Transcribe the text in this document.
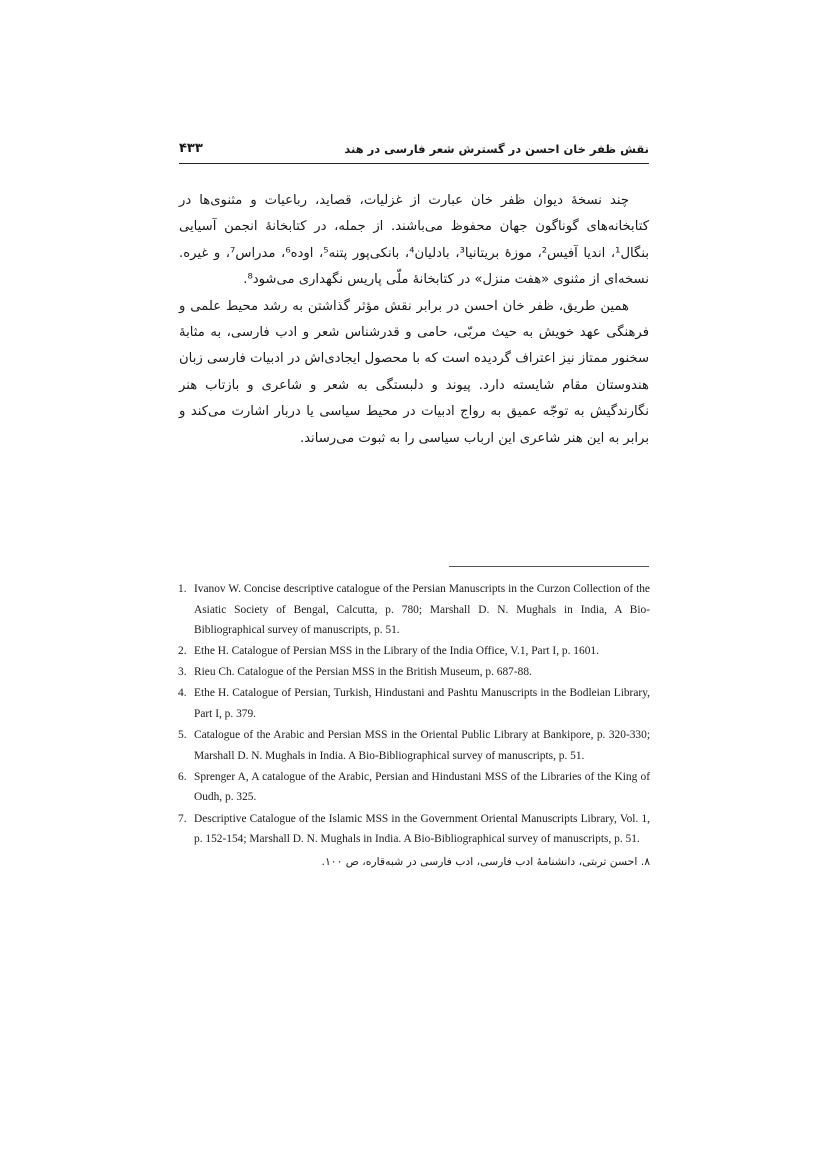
۴۳۳	نقش ظفر خان احسن در گسترش شعر فارسی در هند

چند نسخهٔ دیوان ظفر خان عبارت از غزلیات، قصاید، رباعیات و مثنوی‌ها در کتابخانه‌های گوناگون جهان محفوظ می‌باشند. از جمله، در کتابخانهٔ انجمن آسیایی بنگال¹، اندیا آفیس²، موزهٔ بریتانیا³، بادلیان⁴، بانکی‌پور پتنه⁵، اوده⁶، مدراس⁷، و غیره. نسخه‌ای از مثنوی «هفت منزل» در کتابخانهٔ ملّی پاریس نگهداری می‌شود⁸.

همین طریق، ظفر خان احسن در برابر نقش مؤثر گذاشتن به رشد محیط علمی و فرهنگی عهد خویش به حیث مربّی، حامی و قدرشناس شعر و ادب فارسی، به مثابهٔ سخنور ممتاز نیز اعتراف گردیده است که با محصول ایجادی‌اش در ادبیات فارسی زبان هندوستان مقام شایسته دارد. پیوند و دلبستگی به شعر و شاعری و بازتاب هنر نگارندگیش به توجّه عمیق به رواج ادبیات در محیط سیاسی یا دربار اشارت می‌کند و برابر به این هنر شاعری این ارباب سیاسی را به ثبوت می‌رساند.

1. Ivanov W. Concise descriptive catalogue of the Persian Manuscripts in the Curzon Collection of the Asiatic Society of Bengal, Calcutta, p. 780; Marshall D. N. Mughals in India, A Bio-Bibliographical survey of manuscripts, p. 51.
2. Ethe H. Catalogue of Persian MSS in the Library of the India Office, V.1, Part I, p. 1601.
3. Rieu Ch. Catalogue of the Persian MSS in the British Museum, p. 687-88.
4. Ethe H. Catalogue of Persian, Turkish, Hindustani and Pashtu Manuscripts in the Bodleian Library, Part I, p. 379.
5. Catalogue of the Arabic and Persian MSS in the Oriental Public Library at Bankipore, p. 320-330; Marshall D. N. Mughals in India. A Bio-Bibliographical survey of manuscripts, p. 51.
6. Sprenger A, A catalogue of the Arabic, Persian and Hindustani MSS of the Libraries of the King of Oudh, p. 325.
7. Descriptive Catalogue of the Islamic MSS in the Government Oriental Manuscripts Library, Vol. 1, p. 152-154; Marshall D. N. Mughals in India. A Bio-Bibliographical survey of manuscripts, p. 51.

۸. احسن تربتی، دانشنامهٔ ادب فارسی، ادب فارسی در شبه‌قاره، ص ۱۰۰.
